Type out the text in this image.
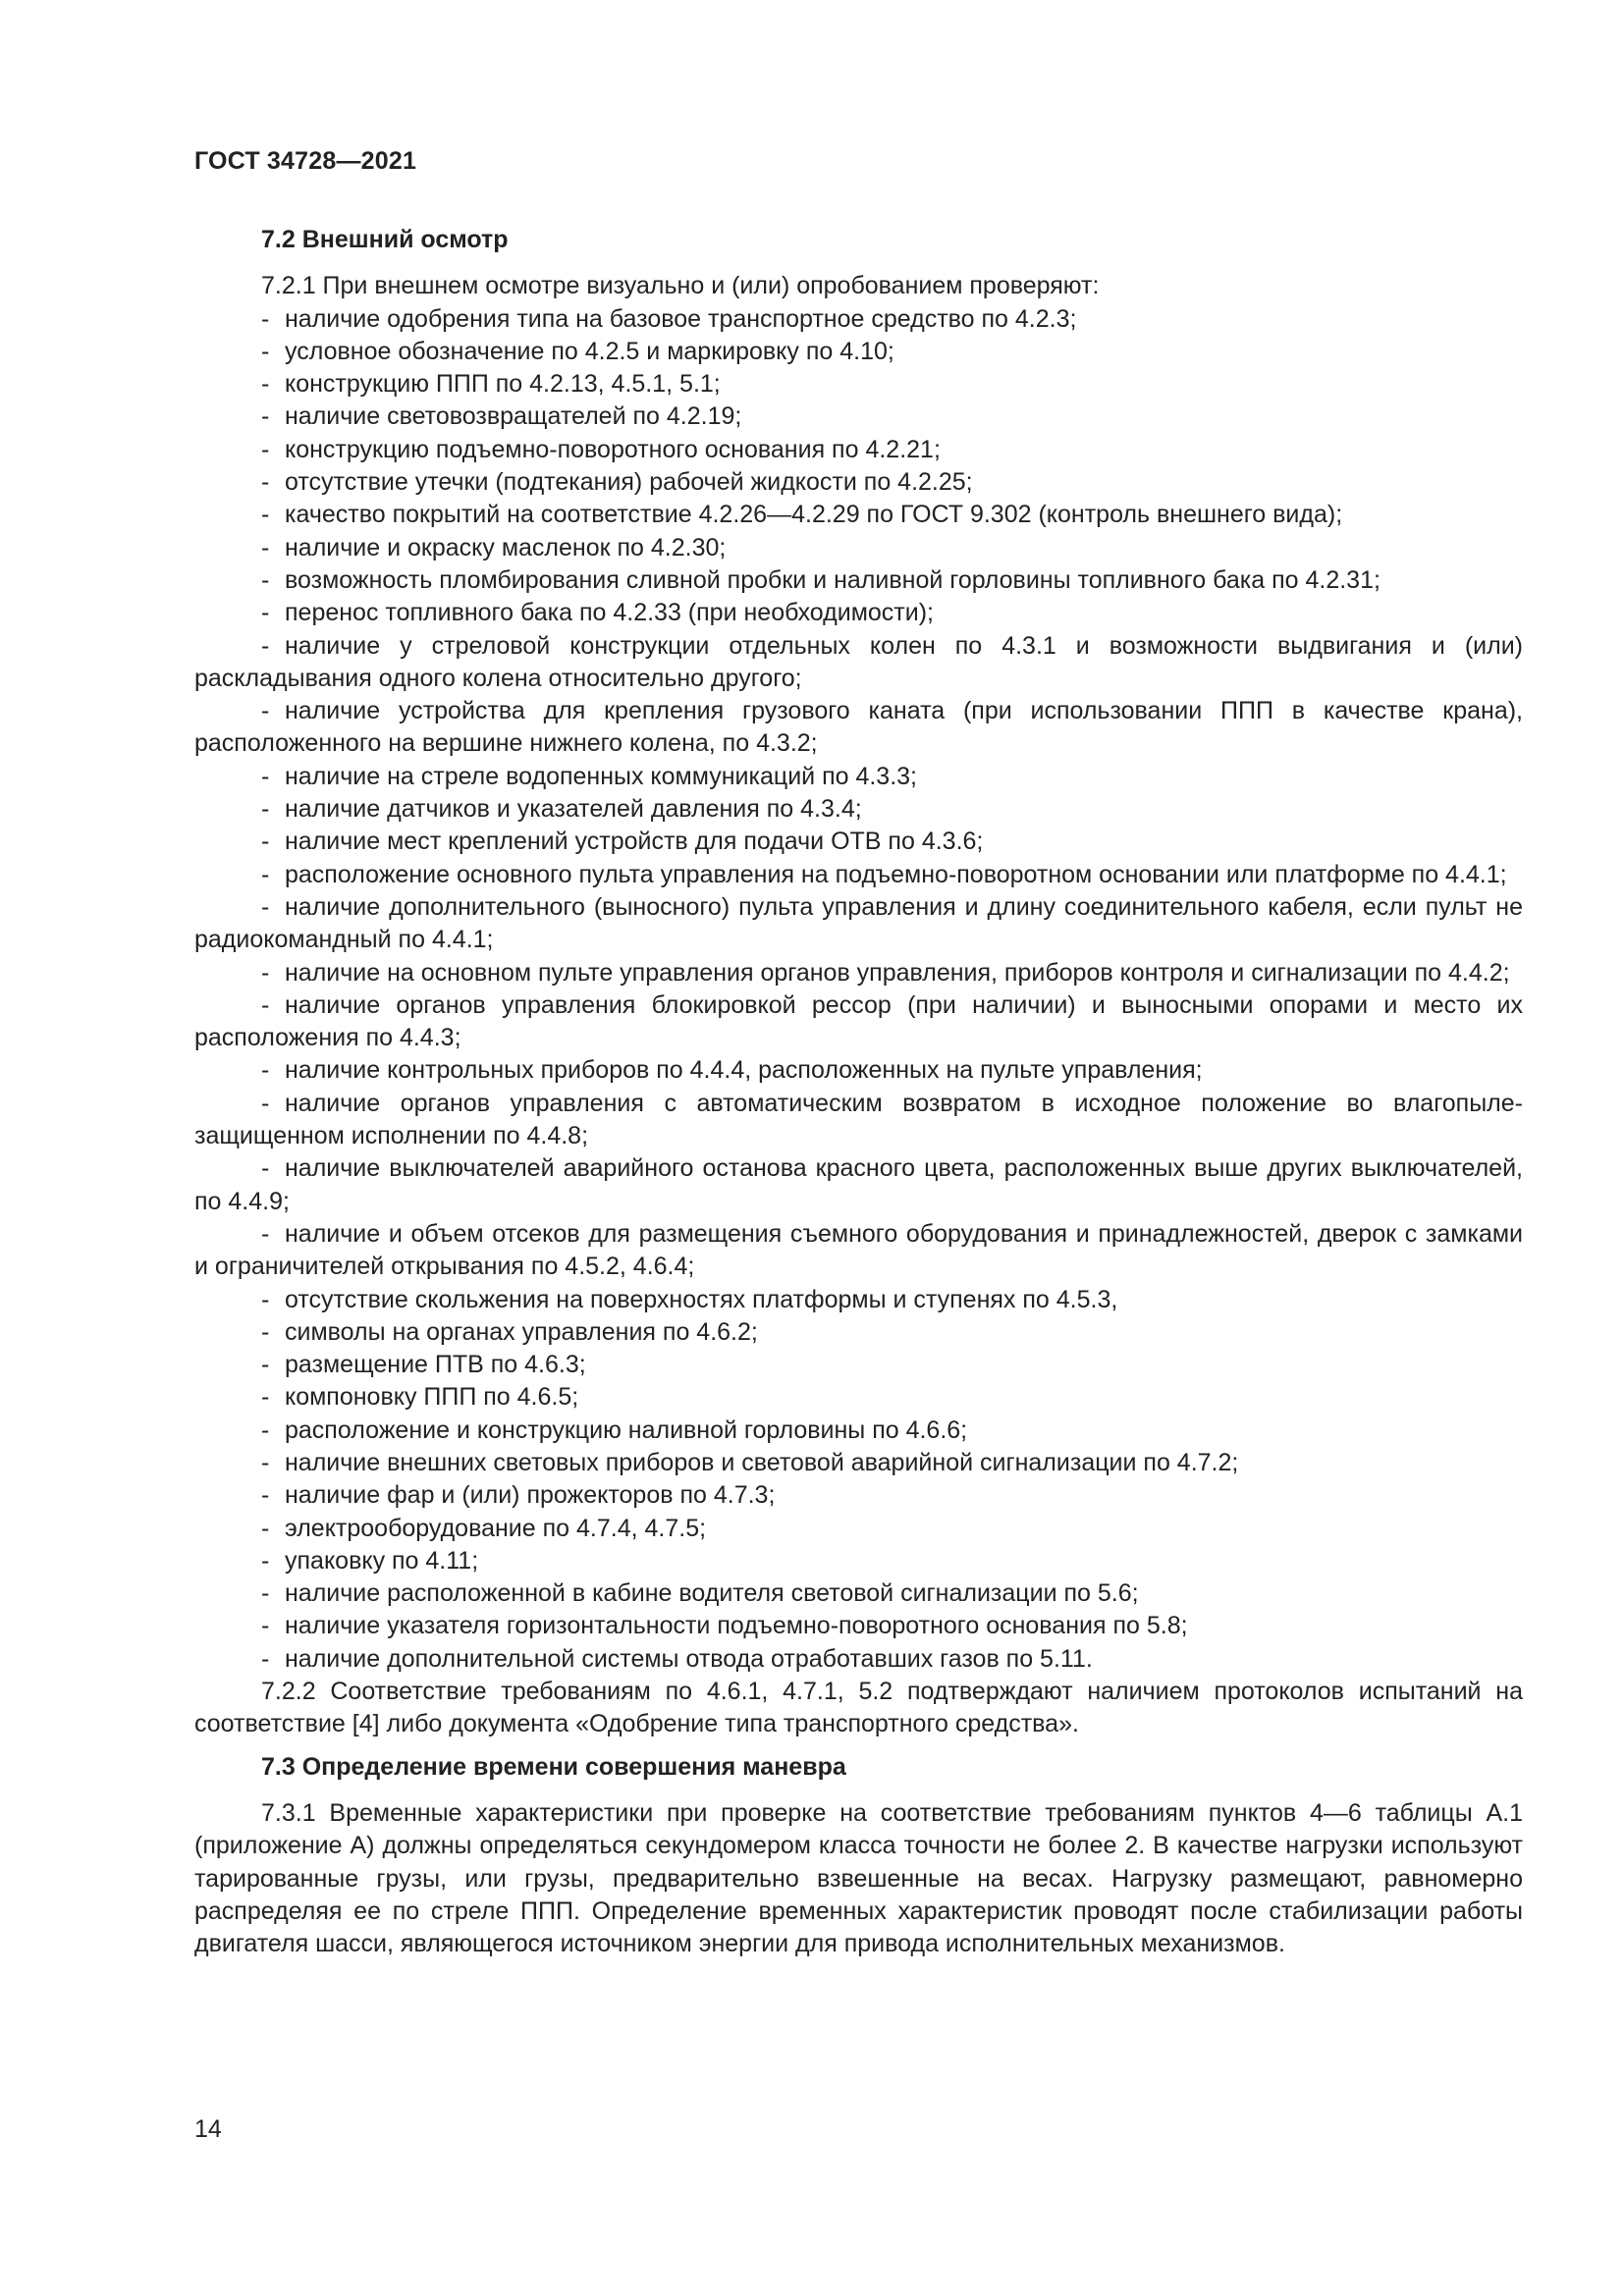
ГОСТ 34728—2021

7.2 Внешний осмотр

7.2.1 При внешнем осмотре визуально и (или) опробованием проверяют:

- наличие одобрения типа на базовое транспортное средство по 4.2.3;

- условное обозначение по 4.2.5 и маркировку по 4.10;

- конструкцию ППП по 4.2.13, 4.5.1, 5.1;

- наличие световозвращателей по 4.2.19;

- конструкцию подъемно-поворотного основания по 4.2.21;

- отсутствие утечки (подтекания) рабочей жидкости по 4.2.25;

- качество покрытий на соответствие 4.2.26—4.2.29 по ГОСТ 9.302 (контроль внешнего вида);

- наличие и окраску масленок по 4.2.30;

- возможность пломбирования сливной пробки и наливной горловины топливного бака по 4.2.31;

- перенос топливного бака по 4.2.33 (при необходимости);

- наличие у стреловой конструкции отдельных колен по 4.3.1 и возможности выдвигания и (или) раскладывания одного колена относительно другого;

- наличие устройства для крепления грузового каната (при использовании ППП в качестве крана), расположенного на вершине нижнего колена, по 4.3.2;

- наличие на стреле водопенных коммуникаций по 4.3.3;

- наличие датчиков и указателей давления по 4.3.4;

- наличие мест креплений устройств для подачи ОТВ по 4.3.6;

- расположение основного пульта управления на подъемно-поворотном основании или платформе по 4.4.1;

- наличие дополнительного (выносного) пульта управления и длину соединительного кабеля, если пульт не радиокомандный по 4.4.1;

- наличие на основном пульте управления органов управления, приборов контроля и сигнализации по 4.4.2;

- наличие органов управления блокировкой рессор (при наличии) и выносными опорами и место их расположения по 4.4.3;

- наличие контрольных приборов по 4.4.4, расположенных на пульте управления;

- наличие органов управления с автоматическим возвратом в исходное положение во влагопылезащищенном исполнении по 4.4.8;

- наличие выключателей аварийного останова красного цвета, расположенных выше других выключателей, по 4.4.9;

- наличие и объем отсеков для размещения съемного оборудования и принадлежностей, дверок с замками и ограничителей открывания по 4.5.2, 4.6.4;

- отсутствие скольжения на поверхностях платформы и ступенях по 4.5.3,

- символы на органах управления по 4.6.2;

- размещение ПТВ по 4.6.3;

- компоновку ППП по 4.6.5;

- расположение и конструкцию наливной горловины по 4.6.6;

- наличие внешних световых приборов и световой аварийной сигнализации по 4.7.2;

- наличие фар и (или) прожекторов по 4.7.3;

- электрооборудование по 4.7.4, 4.7.5;

- упаковку по 4.11;

- наличие расположенной в кабине водителя световой сигнализации по 5.6;

- наличие указателя горизонтальности подъемно-поворотного основания по 5.8;

- наличие дополнительной системы отвода отработавших газов по 5.11.

7.2.2 Соответствие требованиям по 4.6.1, 4.7.1, 5.2 подтверждают наличием протоколов испытаний на соответствие [4] либо документа «Одобрение типа транспортного средства».

7.3 Определение времени совершения маневра

7.3.1 Временные характеристики при проверке на соответствие требованиям пунктов 4—6 таблицы А.1 (приложение А) должны определяться секундомером класса точности не более 2. В качестве нагрузки используют тарированные грузы, или грузы, предварительно взвешенные на весах. Нагрузку размещают, равномерно распределяя ее по стреле ППП. Определение временных характеристик проводят после стабилизации работы двигателя шасси, являющегося источником энергии для привода исполнительных механизмов.

14
